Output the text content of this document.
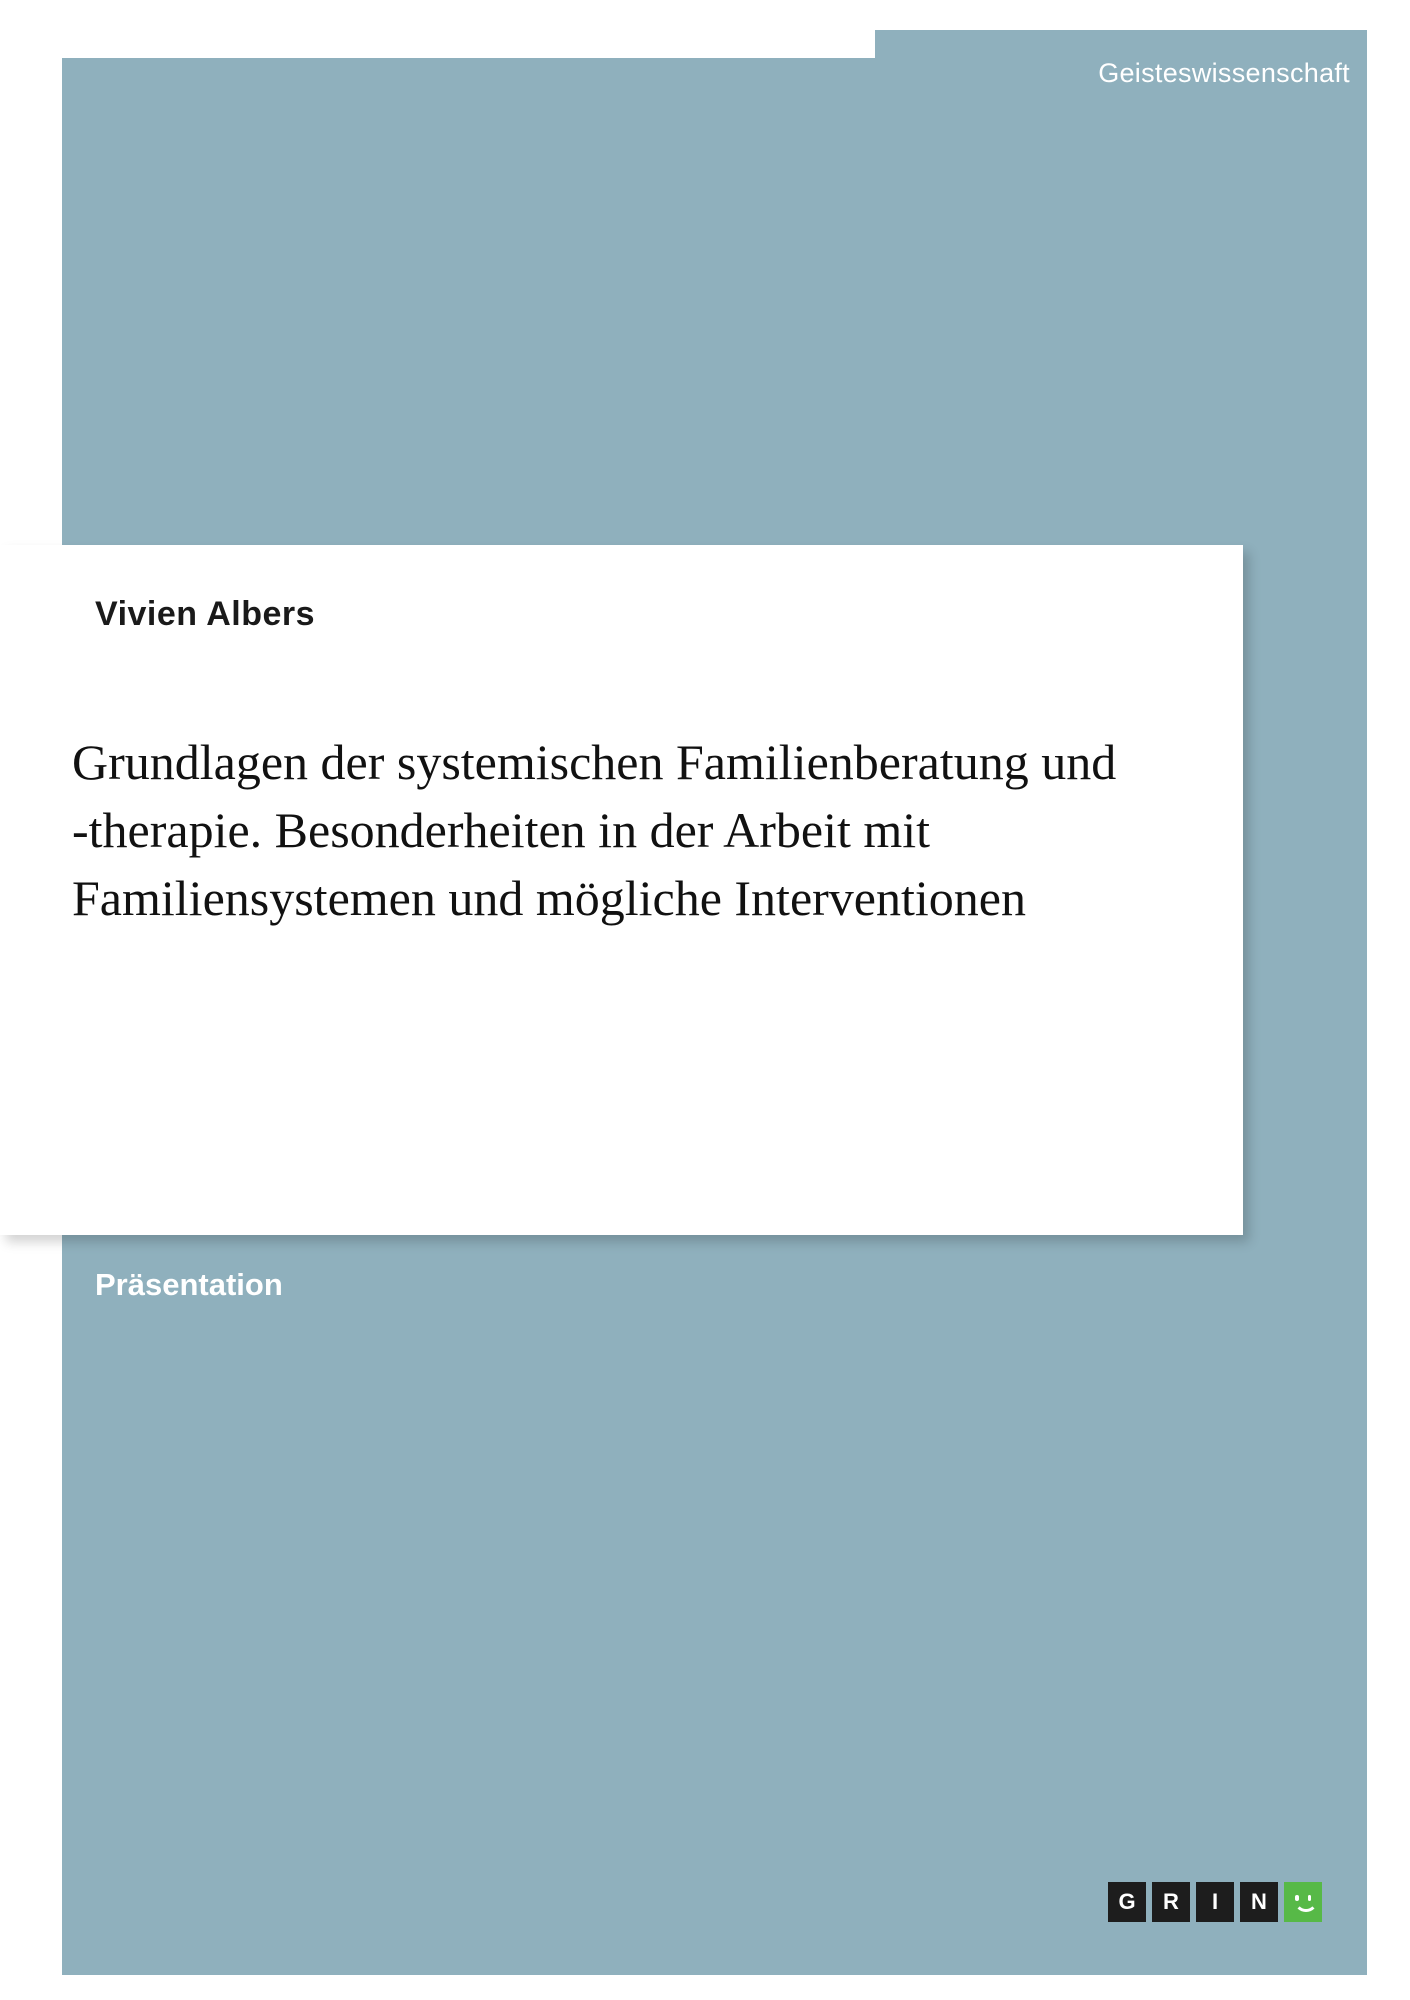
Geisteswissenschaft
Vivien Albers
Grundlagen der systemischen Familienberatung und -therapie. Besonderheiten in der Arbeit mit Familiensystemen und mögliche Interventionen
Präsentation
G	R	I	N
